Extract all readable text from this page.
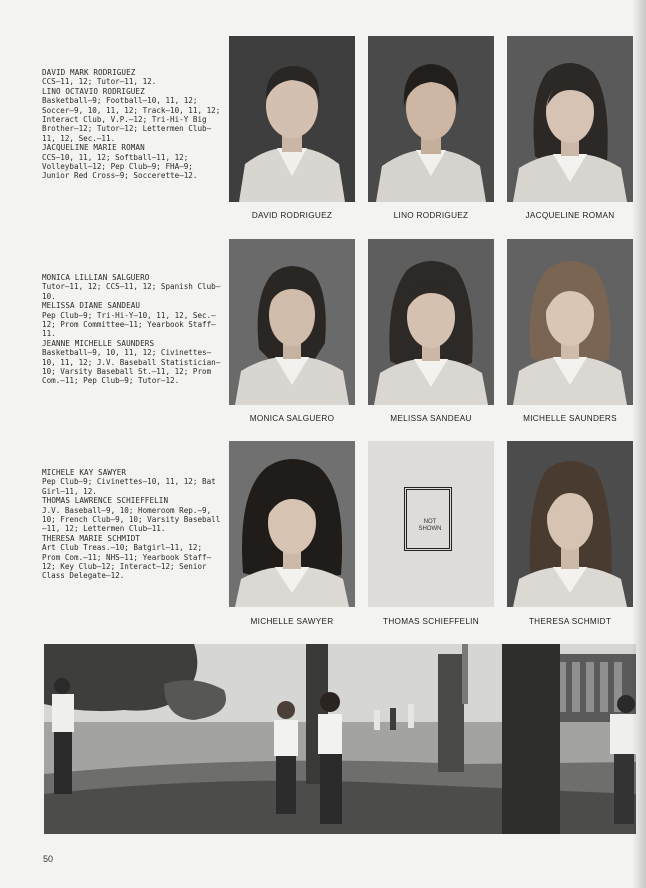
DAVID MARK RODRIGUEZ
CCS—11, 12; Tutor—11, 12.
LINO OCTAVIO RODRIGUEZ
Basketball—9; Football—10, 11, 12; Soccer—9, 10, 11, 12; Track—10, 11, 12; Interact Club, V.P.—12; Tri-Hi-Y Big Brother—12; Tutor—12; Lettermen Club—11, 12, Sec.—11.
JACQUELINE MARIE ROMAN
CCS—10, 11, 12; Softball—11, 12; Volleyball—12; Pep Club—9; FHA—9; Junior Red Cross—9; Soccerette—12.
MONICA LILLIAN SALGUERO
Tutor—11, 12; CCS—11, 12; Spanish Club—10.
MELISSA DIANE SANDEAU
Pep Club—9; Tri-Hi-Y—10, 11, 12, Sec.—12; Prom Committee—11; Yearbook Staff—11.
JEANNE MICHELLE SAUNDERS
Basketball—9, 10, 11, 12; Civinettes—10, 11, 12; J.V. Baseball Statistician—10; Varsity Baseball St.—11, 12; Prom Com.—11; Pep Club—9; Tutor—12.
MICHELE KAY SAWYER
Pep Club—9; Civinettes—10, 11, 12; Bat Girl—11, 12.
THOMAS LAWRENCE SCHIEFFELIN
J.V. Baseball—9, 10; Homeroom Rep.—9, 10; French Club—9, 10; Varsity Baseball—11, 12; Lettermen Club—11.
THERESA MARIE SCHMIDT
Art Club Treas.—10; Batgirl—11, 12; Prom Com.—11; NHS—11; Yearbook Staff—12; Key Club—12; Interact—12; Senior Class Delegate—12.
DAVID RODRIGUEZ	LINO RODRIGUEZ	JACQUELINE ROMAN
MONICA SALGUERO	MELISSA SANDEAU	MICHELLE SAUNDERS
NOT SHOWN
MICHELLE SAWYER	THOMAS SCHIEFFELIN	THERESA SCHMIDT
50
